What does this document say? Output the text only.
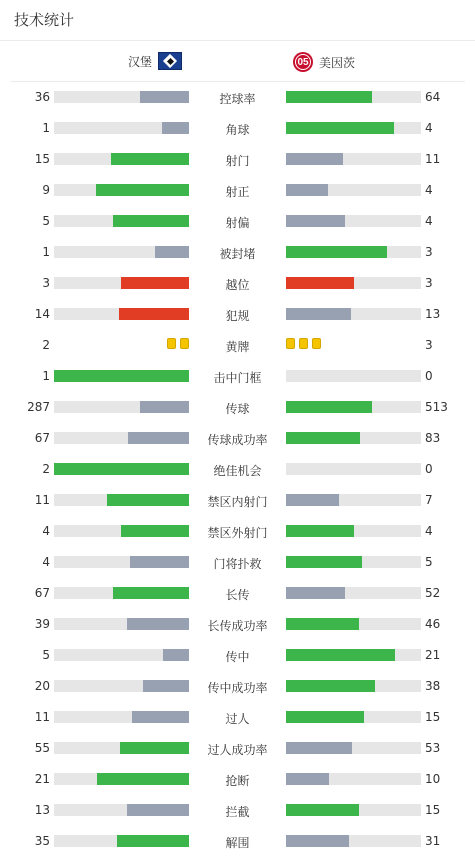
技术统计
汉堡	05 美因茨
36	控球率	64
1	角球	4
15	射门	11
9	射正	4
5	射偏	4
1	被封堵	3
3	越位	3
14	犯规	13
2	黄牌	3
1	击中门框	0
287	传球	513
67	传球成功率	83
2	绝佳机会	0
11	禁区内射门	7
4	禁区外射门	4
4	门将扑救	5
67	长传	52
39	长传成功率	46
5	传中	21
20	传中成功率	38
11	过人	15
55	过人成功率	53
21	抢断	10
13	拦截	15
35	解围	31
